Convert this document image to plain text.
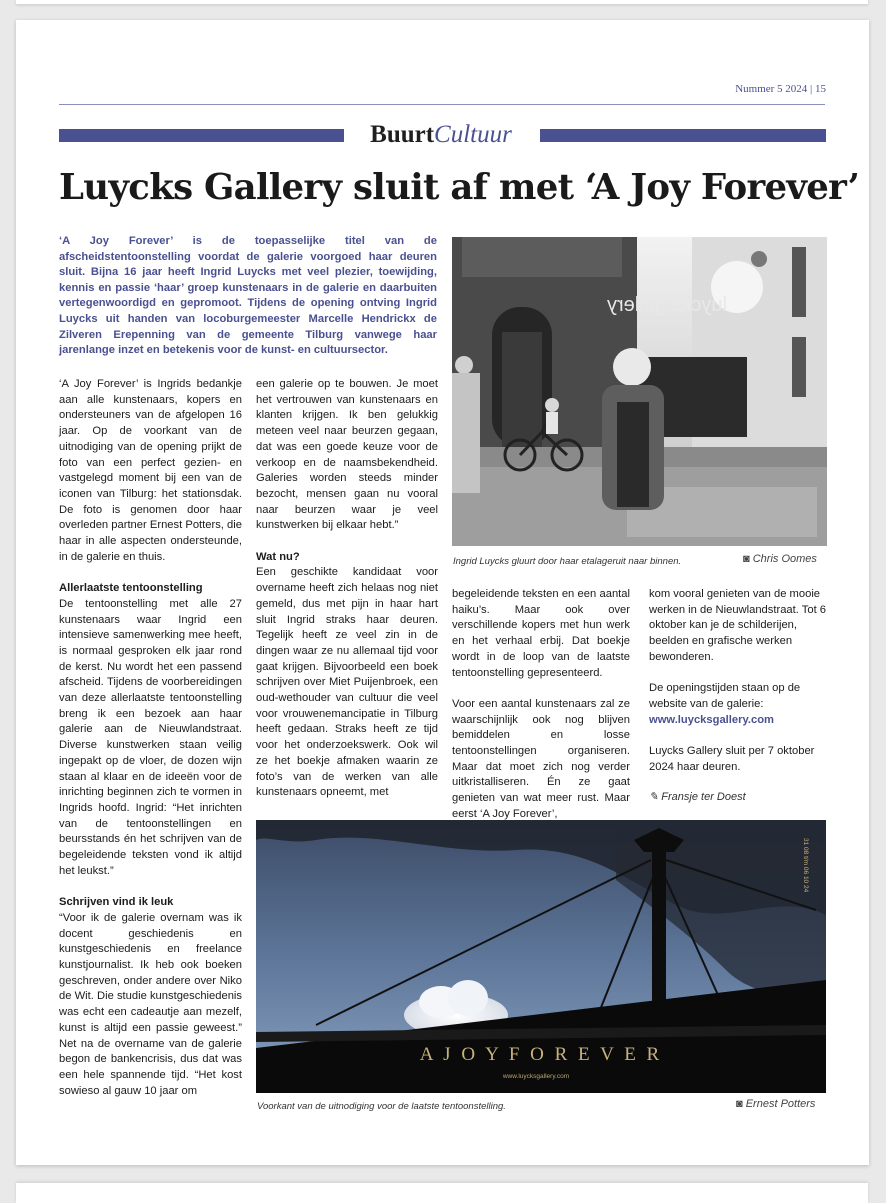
Nummer 5 2024 | 15
BuurtCultuur
Luycks Gallery sluit af met ‘A Joy Forever’
‘A Joy Forever’ is de toepasselijke titel van de afscheidstentoonstelling voordat de galerie voorgoed haar deuren sluit. Bijna 16 jaar heeft Ingrid Luycks met veel plezier, toewijding, kennis en passie ‘haar’ groep kunstenaars in de galerie en daarbuiten vertegenwoordigd en gepromoot. Tijdens de opening ontving Ingrid Luycks uit handen van locoburgemeester Marcelle Hendrickx de Zilveren Erepenning van de gemeente Tilburg vanwege haar jarenlange inzet en betekenis voor de kunst- en cultuursector.
luycks gallery
Ingrid Luycks gluurt door haar etalageruit naar binnen.	◙ Chris Oomes

‘A Joy Forever’ is Ingrids bedankje aan alle kunstenaars, kopers en ondersteuners van de afgelopen 16 jaar. Op de voorkant van de uitnodiging van de opening prijkt de foto van een perfect gezien- en vastgelegd moment bij een van de iconen van Tilburg: het stationsdak. De foto is genomen door haar overleden partner Ernest Potters, die haar in alle aspecten ondersteunde, in de galerie en thuis.

Allerlaatste tentoonstelling

De tentoonstelling met alle 27 kunstenaars waar Ingrid een intensieve samenwerking mee heeft, is normaal gesproken elk jaar rond de kerst. Nu wordt het een passend afscheid. Tijdens de voorbereidingen van deze allerlaatste tentoonstelling breng ik een bezoek aan haar galerie aan de Nieuwlandstraat. Diverse kunstwerken staan veilig ingepakt op de vloer, de dozen wijn staan al klaar en de ideeën voor de inrichting beginnen zich te vormen in Ingrids hoofd. Ingrid: “Het inrichten van de tentoonstellingen en beursstands én het schrijven van de begeleidende teksten vond ik altijd het leukst.”

Schrijven vind ik leuk

“Voor ik de galerie overnam was ik docent geschiedenis en kunstgeschiedenis en freelance kunstjournalist. Ik heb ook boeken geschreven, onder andere over Niko de Wit. Die studie kunstgeschiedenis was echt een cadeautje aan mezelf, kunst is altijd een passie geweest.” Net na de overname van de galerie begon de bankencrisis, dus dat was een hele spannende tijd. “Het kost sowieso al gauw 10 jaar om

een galerie op te bouwen. Je moet het vertrouwen van kunstenaars en klanten krijgen. Ik ben gelukkig meteen veel naar beurzen gegaan, dat was een goede keuze voor de verkoop en de naamsbekendheid. Galeries worden steeds minder bezocht, mensen gaan nu vooral naar beurzen waar je veel kunstwerken bij elkaar hebt.”

Wat nu?

Een geschikte kandidaat voor overname heeft zich helaas nog niet gemeld, dus met pijn in haar hart sluit Ingrid straks haar deuren. Tegelijk heeft ze veel zin in de dingen waar ze nu allemaal tijd voor gaat krijgen. Bijvoorbeeld een boek schrijven over Miet Puijenbroek, een oud-wethouder van cultuur die veel voor vrouwenemancipatie in Tilburg heeft gedaan. Straks heeft ze tijd voor het onderzoekswerk. Ook wil ze het boekje afmaken waarin ze foto’s van de werken van alle kunstenaars opneemt, met

begeleidende teksten en een aantal haiku’s. Maar ook over verschillende kopers met hun werk en het verhaal erbij. Dat boekje wordt in de loop van de laatste tentoonstelling gepresenteerd.

Voor een aantal kunstenaars zal ze waarschijnlijk ook nog blijven bemiddelen en losse tentoonstellingen organiseren. Maar dat moet zich nog verder uitkristalliseren. Én ze gaat genieten van wat meer rust. Maar eerst ‘A Joy Forever’,

kom vooral genieten van de mooie werken in de Nieuwlandstraat. Tot 6 oktober kan je de schilderijen, beelden en grafische werken bewonderen.

De openingstijden staan op de website van de galerie:

www.luycksgallery.com

Luycks Gallery sluit per 7 oktober 2024 haar deuren.

✎ Fransje ter Doest

A J O Y F O R E V E R
www.luycksgallery.com
31 08 t/m 06 10 24
Voorkant van de uitnodiging voor de laatste tentoonstelling.	◙ Ernest Potters
